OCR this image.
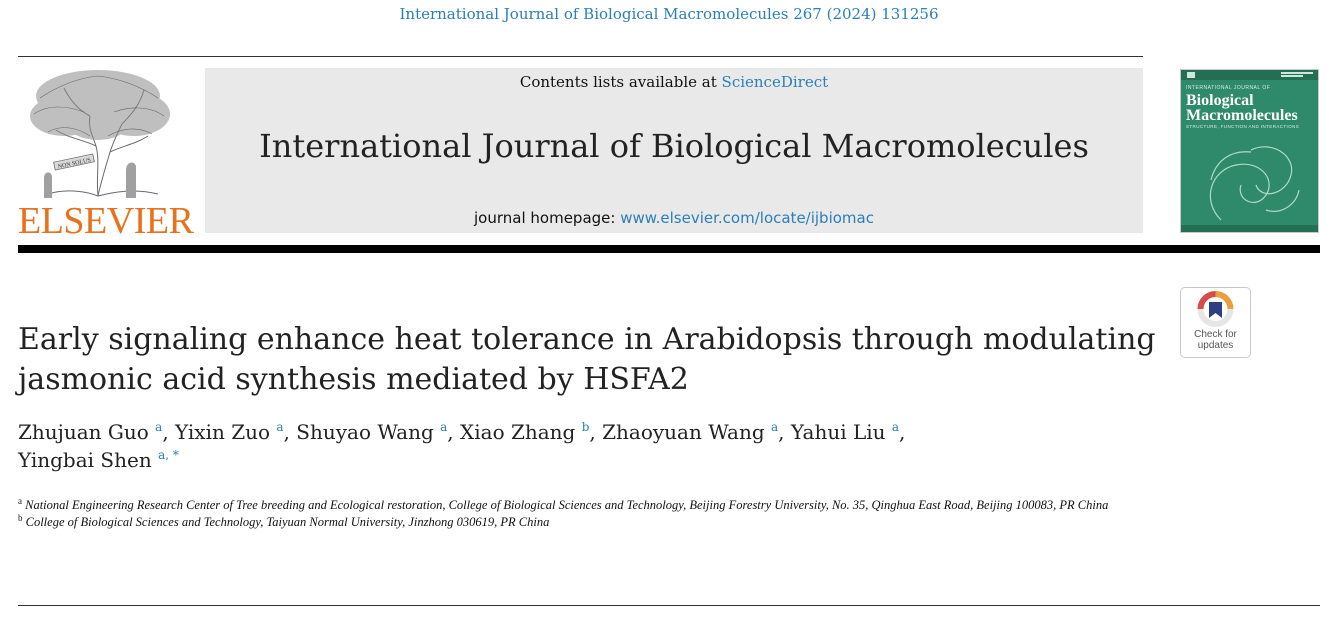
International Journal of Biological Macromolecules 267 (2024) 131256
NON SOLUS
ELSEVIER
Contents lists available at ScienceDirect
International Journal of Biological Macromolecules
journal homepage: www.elsevier.com/locate/ijbiomac
INTERNATIONAL JOURNAL OF
Biological
Macromolecules
STRUCTURE, FUNCTION AND INTERACTIONS
Check for
updates
Early signaling enhance heat tolerance in Arabidopsis through modulating jasmonic acid synthesis mediated by HSFA2
Zhujuan Guo $^a$, Yixin Zuo $^a$, Shuyao Wang $^a$, Xiao Zhang $^b$, Zhaoyuan Wang $^a$, Yahui Liu $^a$,
Yingbai Shen $^{a, *}$
$^a$ National Engineering Research Center of Tree breeding and Ecological restoration, College of Biological Sciences and Technology, Beijing Forestry University, No. 35, Qinghua East Road, Beijing 100083, PR China
$^b$ College of Biological Sciences and Technology, Taiyuan Normal University, Jinzhong 030619, PR China
